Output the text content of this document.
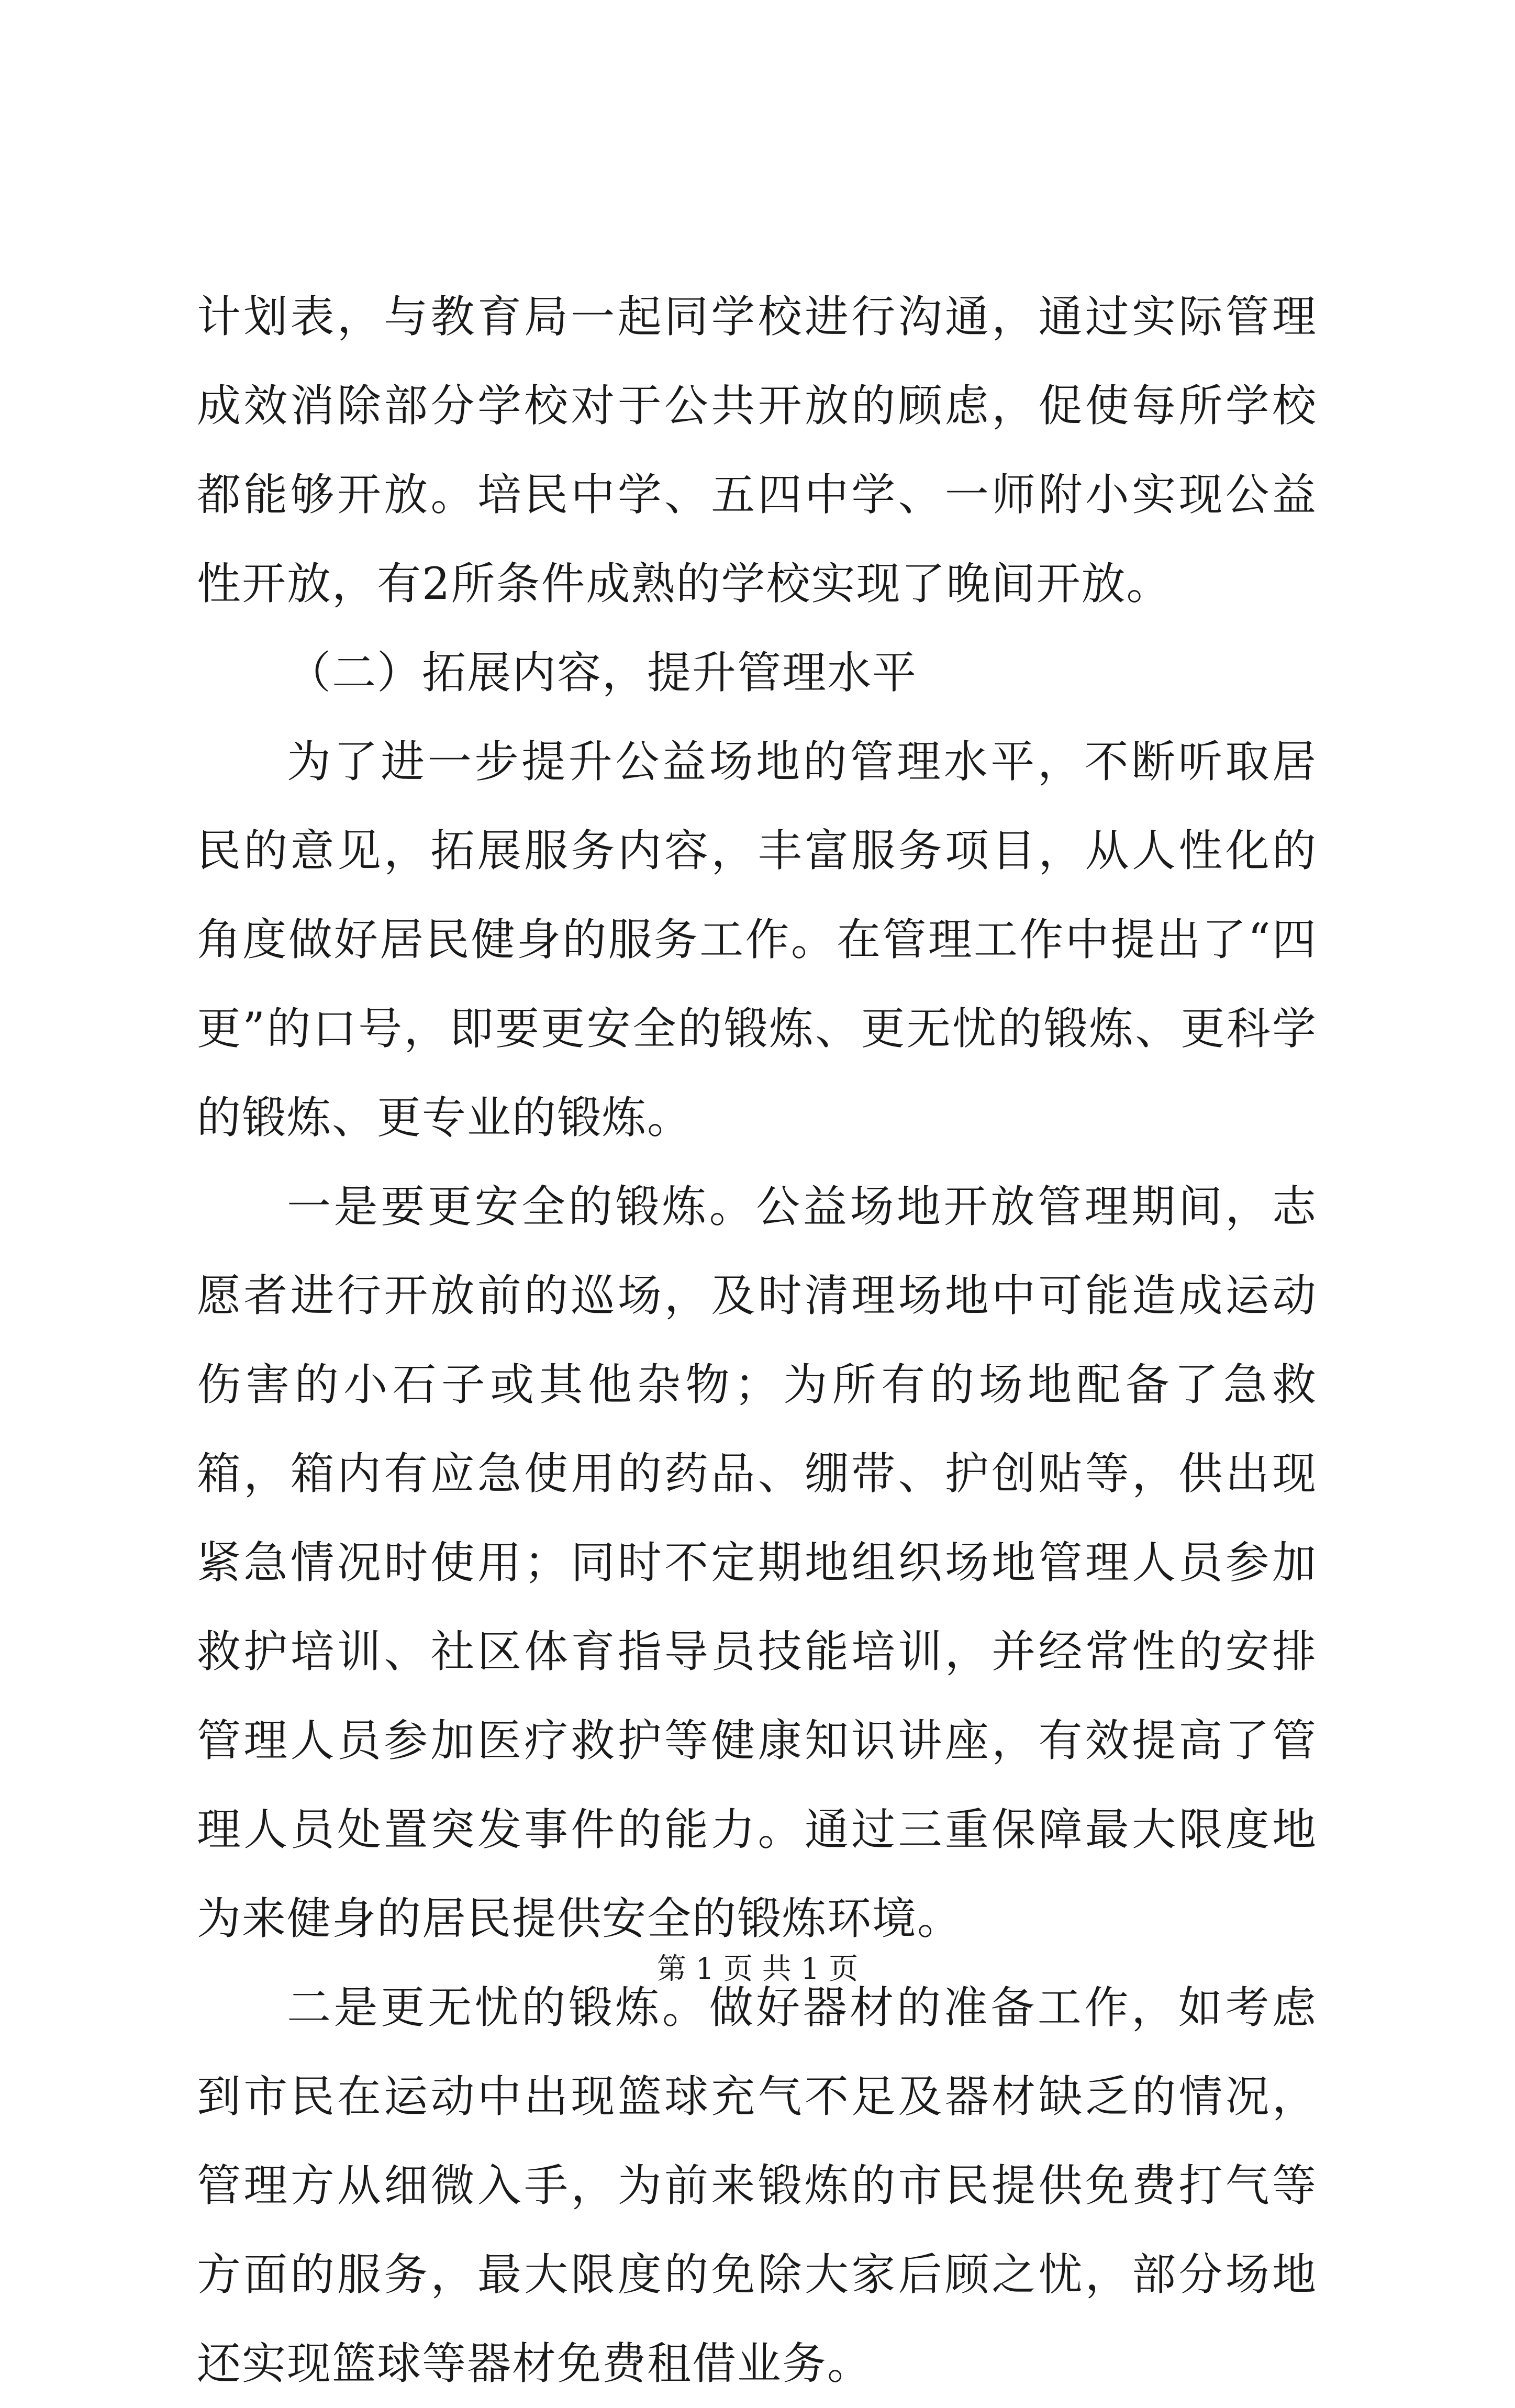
计划表，与教育局一起同学校进行沟通，通过实际管理成效消除部分学校对于公共开放的顾虑，促使每所学校都能够开放。培民中学、五四中学、一师附小实现公益性开放，有2所条件成熟的学校实现了晚间开放。

（二）拓展内容，提升管理水平

为了进一步提升公益场地的管理水平，不断听取居民的意见，拓展服务内容，丰富服务项目，从人性化的角度做好居民健身的服务工作。在管理工作中提出了“四更”的口号，即要更安全的锻炼、更无忧的锻炼、更科学的锻炼、更专业的锻炼。

一是要更安全的锻炼。公益场地开放管理期间，志愿者进行开放前的巡场，及时清理场地中可能造成运动伤害的小石子或其他杂物；为所有的场地配备了急救箱，箱内有应急使用的药品、绷带、护创贴等，供出现紧急情况时使用；同时不定期地组织场地管理人员参加救护培训、社区体育指导员技能培训，并经常性的安排管理人员参加医疗救护等健康知识讲座，有效提高了管理人员处置突发事件的能力。通过三重保障最大限度地为来健身的居民提供安全的锻炼环境。

二是更无忧的锻炼。做好器材的准备工作，如考虑到市民在运动中出现篮球充气不足及器材缺乏的情况，管理方从细微入手，为前来锻炼的市民提供免费打气等方面的服务，最大限度的免除大家后顾之忧，部分场地还实现篮球等器材免费租借业务。

第 1 页 共 1 页
